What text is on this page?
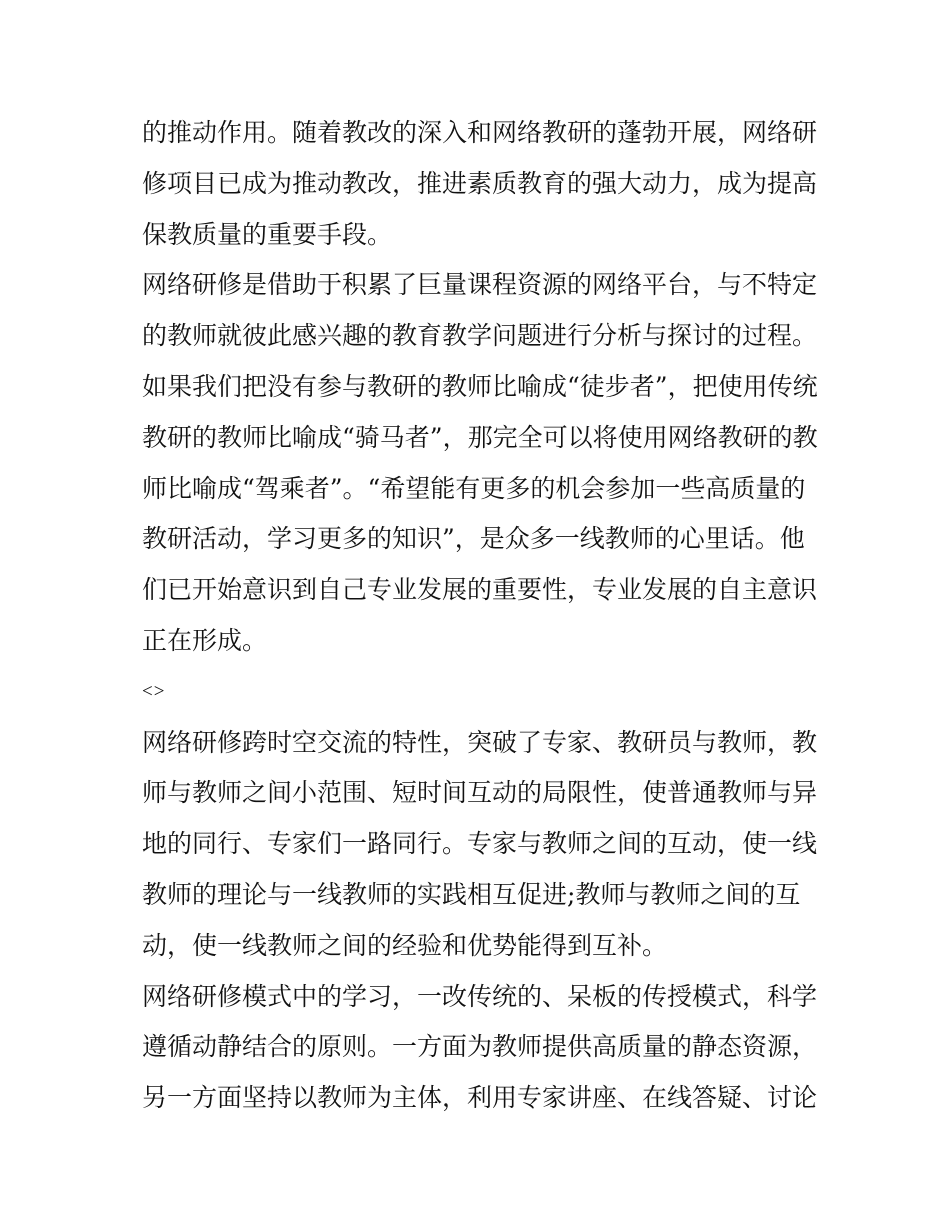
的推动作用。随着教改的深入和网络教研的蓬勃开展，网络研
修项目已成为推动教改，推进素质教育的强大动力，成为提高
保教质量的重要手段。

网络研修是借助于积累了巨量课程资源的网络平台，与不特定
的教师就彼此感兴趣的教育教学问题进行分析与探讨的过程。
如果我们把没有参与教研的教师比喻成“徒步者”，把使用传统
教研的教师比喻成“骑马者”，那完全可以将使用网络教研的教
师比喻成“驾乘者”。“希望能有更多的机会参加一些高质量的
教研活动，学习更多的知识”，是众多一线教师的心里话。他
们已开始意识到自己专业发展的重要性，专业发展的自主意识
正在形成。

<>

网络研修跨时空交流的特性，突破了专家、教研员与教师，教
师与教师之间小范围、短时间互动的局限性，使普通教师与异
地的同行、专家们一路同行。专家与教师之间的互动，使一线
教师的理论与一线教师的实践相互促进;教师与教师之间的互
动，使一线教师之间的经验和优势能得到互补。

网络研修模式中的学习，一改传统的、呆板的传授模式，科学
遵循动静结合的原则。一方面为教师提供高质量的静态资源，
另一方面坚持以教师为主体，利用专家讲座、在线答疑、讨论
